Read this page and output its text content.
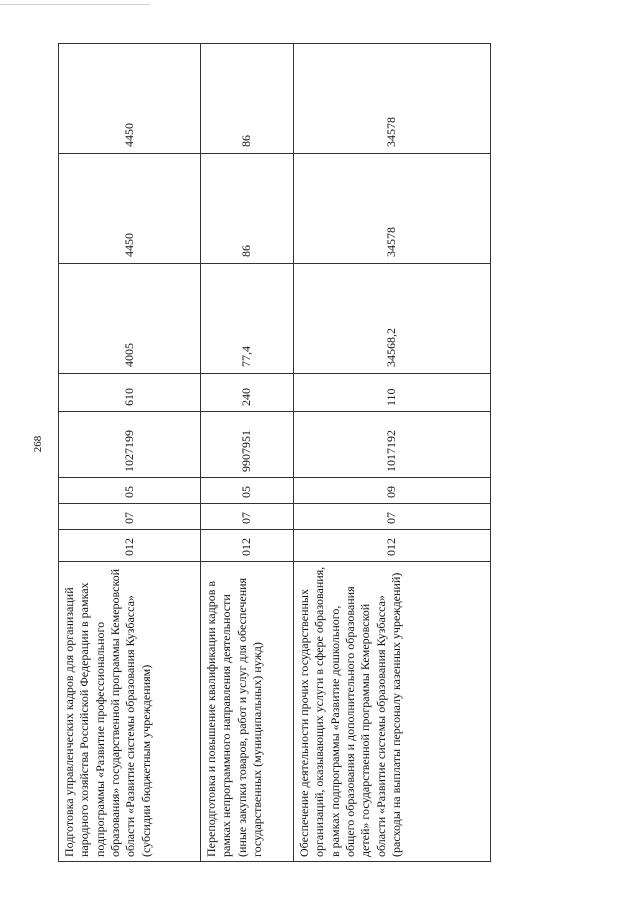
268
Подготовка управленческих кадров для организаций народного хозяйства Российской Федерации в рамках подпрограммы «Развитие профессионального образования» государственной программы Кемеровской области «Развитие системы образования Кузбасса» (субсидии бюджетным учреждениям)	012	07	05	1027199	610	4005	4450	4450
Переподготовка и повышение квалификации кадров в рамках непрограммного направления деятельности (иные закупки товаров, работ и услуг для обеспечения государственных (муниципальных) нужд)	012	07	05	9907951	240	77,4	86	86
Обеспечение деятельности прочих государственных организаций, оказывающих услуги в сфере образования, в рамках подпрограммы «Развитие дошкольного, общего образования и дополнительного образования детей» государственной программы Кемеровской области «Развитие системы образования Кузбасса» (расходы на выплаты персоналу казенных учреждений)	012	07	09	1017192	110	34568,2	34578	34578
